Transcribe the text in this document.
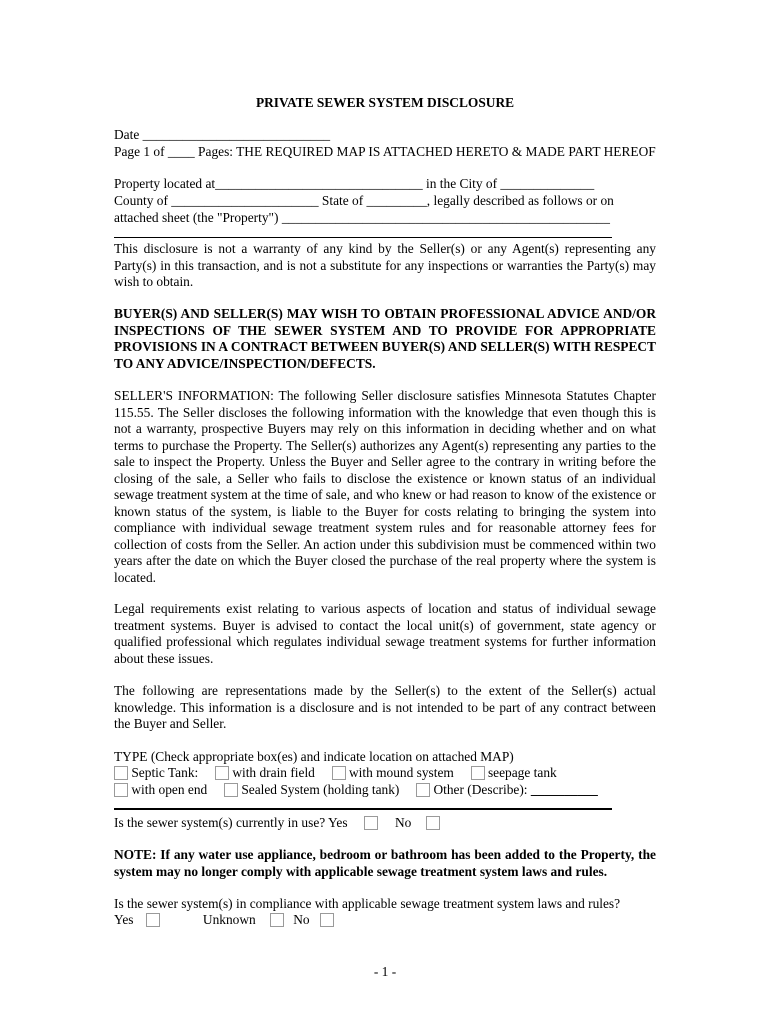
PRIVATE SEWER SYSTEM DISCLOSURE
Date ____________________________
Page 1 of ____ Pages: THE REQUIRED MAP IS ATTACHED HERETO & MADE PART HEREOF
Property located at_______________________________ in the City of ______________
County of ______________________ State of _________, legally described as follows or on
attached sheet (the "Property") _________________________________________________
This disclosure is not a warranty of any kind by the Seller(s) or any Agent(s) representing any Party(s) in this transaction, and is not a substitute for any inspections or warranties the Party(s) may wish to obtain.
BUYER(S) AND SELLER(S) MAY WISH TO OBTAIN PROFESSIONAL ADVICE AND/OR INSPECTIONS OF THE SEWER SYSTEM AND TO PROVIDE FOR APPROPRIATE PROVISIONS IN A CONTRACT BETWEEN BUYER(S) AND SELLER(S) WITH RESPECT TO ANY ADVICE/INSPECTION/DEFECTS.
SELLER'S INFORMATION: The following Seller disclosure satisfies Minnesota Statutes Chapter 115.55. The Seller discloses the following information with the knowledge that even though this is not a warranty, prospective Buyers may rely on this information in deciding whether and on what terms to purchase the Property. The Seller(s) authorizes any Agent(s) representing any parties to the sale to inspect the Property. Unless the Buyer and Seller agree to the contrary in writing before the closing of the sale, a Seller who fails to disclose the existence or known status of an individual sewage treatment system at the time of sale, and who knew or had reason to know of the existence or known status of the system, is liable to the Buyer for costs relating to bringing the system into compliance with individual sewage treatment system rules and for reasonable attorney fees for collection of costs from the Seller. An action under this subdivision must be commenced within two years after the date on which the Buyer closed the purchase of the real property where the system is located.
Legal requirements exist relating to various aspects of location and status of individual sewage treatment systems. Buyer is advised to contact the local unit(s) of government, state agency or qualified professional which regulates individual sewage treatment systems for further information about these issues.
The following are representations made by the Seller(s) to the extent of the Seller(s) actual knowledge. This information is a disclosure and is not intended to be part of any contract between the Buyer and Seller.
TYPE (Check appropriate box(es) and indicate location on attached MAP)
Septic Tank:	with drain field	with mound system	seepage tank
with open end	Sealed System (holding tank)	Other (Describe): __________
Is the sewer system(s) currently in use? Yes	No
NOTE: If any water use appliance, bedroom or bathroom has been added to the Property, the system may no longer comply with applicable sewage treatment system laws and rules.
Is the sewer system(s) in compliance with applicable sewage treatment system laws and rules?
Yes	Unknown	No
- 1 -
